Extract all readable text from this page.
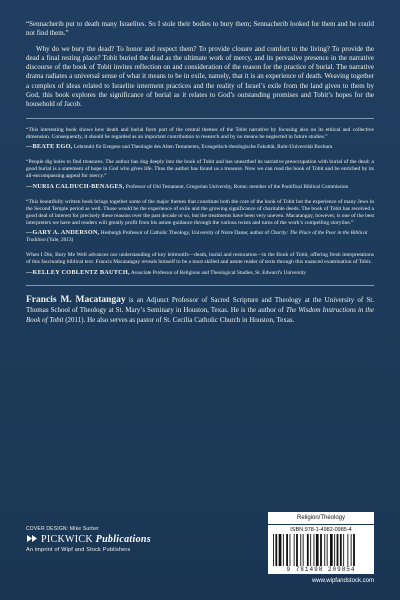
“Sennacherib put to death many Israelites. So I stole their bodies to bury them; Sennacherib looked for them and he could not find them.”

Why do we bury the dead? To honor and respect them? To provide closure and comfort to the living? To provide the dead a final resting place? Tobit buried the dead as the ultimate work of mercy, and its pervasive presence in the narrative discourse of the book of Tobit invites reflection on and consideration of the reason for the practice of burial. The narrative drama radiates a universal sense of what it means to be in exile, namely, that it is an experience of death. Weaving together a complex of ideas related to Israelite interment practices and the reality of Israel’s exile from the land given to them by God, this book explores the significance of burial as it relates to God’s outstanding promises and Tobit’s hopes for the household of Jacob.

“This interesting book shows how death and burial form part of the central themes of the Tobit narrative by focusing also on its ethical and collective dimension. Consequently, it should be regarded as an important contribution to research and by no means be neglected in future studies.”

—BEATE EGO, Lehrstuhl für Exegese und Theologie des Alten Testaments, Evangelisch-theologische Fakultät, Ruhr-Universität Bochum

“People dig holes to find treasures. The author has dug deeply into the book of Tobit and has unearthed its narrative preoccupation with burial of the dead: a good burial is a statement of hope in God who gives life. Thus the author has found us a treasure. Now we can read the book of Tobit and be enriched by its all-encompassing appeal for mercy.”

—NURIA CALDUCH-BENAGES, Professor of Old Testament, Gregorian University, Rome; member of the Pontifical Biblical Commission

“This beautifully written book brings together some of the major themes that constitute both the core of the book of Tobit but the experience of many Jews in the Second Temple period as well. Those would be the experience of exile and the growing significance of charitable deeds. The book of Tobit has received a good deal of interest for precisely these reasons over the past decade or so, but the treatments have been very uneven. Macatangay, however, is one of the best interpreters we have and readers will greatly profit from his astute guidance through the various twists and turns of the work’s compelling storyline.”

—GARY A. ANDERSON, Hesburgh Professor of Catholic Theology, University of Notre Dame; author of Charity: The Place of the Poor in the Biblical Tradition (Yale, 2013)

When I Die, Bury Me Well advances our understanding of key leitmotifs—death, burial and restoration—in the Book of Tobit, offering fresh interpretations of this fascinating biblical text. Francis Macatangay reveals himself to be a most skilled and astute reader of texts through this nuanced examination of Tobit.

—KELLEY COBLENTZ BAUTCH, Associate Professor of Religious and Theological Studies, St. Edward’s University

Francis M. Macatangay is an Adjunct Professor of Sacred Scripture and Theology at the University of St. Thomas School of Theology at St. Mary’s Seminary in Houston, Texas. He is the author of The Wisdom Instructions in the Book of Tobit (2011). He also serves as pastor of St. Cecilia Catholic Church in Houston, Texas.

Religion/Theology
COVER DESIGN: Mike Surber
PICKWICK Publications
An imprint of Wipf and Stock Publishers
ISBN 978-1-4982-0985-4
9 781498 209854
www.wipfandstock.com
